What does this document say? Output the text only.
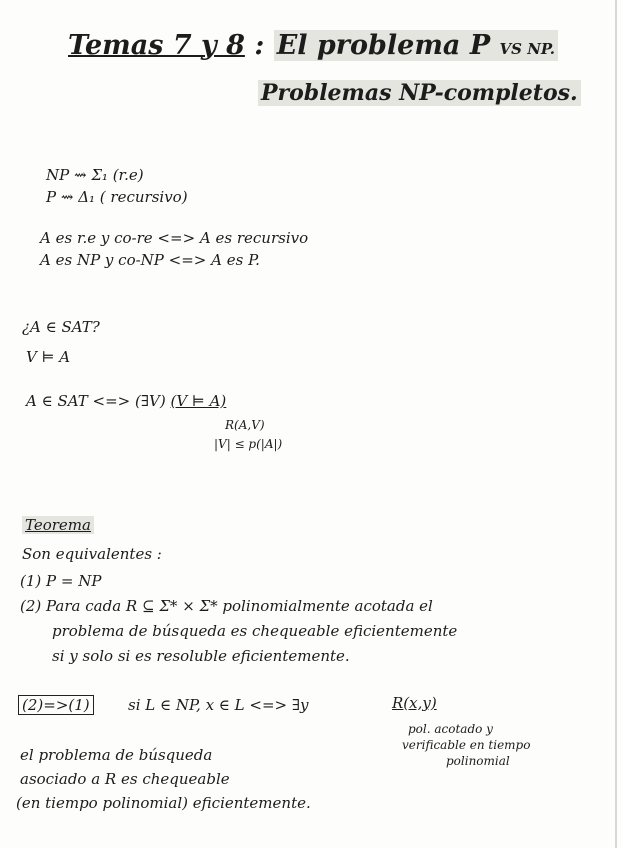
Temas 7 y 8 : El problema P VS NP.
Problemas NP-completos.
NP ⇝ Σ₁ (r.e)
P ⇝ Δ₁ ( recursivo)
A es r.e y co-re <=> A es recursivo
A es NP y co-NP <=> A es P.
¿A ∈ SAT?
V ⊨ A
A ∈ SAT <=> (∃V) (V ⊨ A)
R(A,V)
|V| ≤ p(|A|)
Teorema
Son equivalentes :
(1) P = NP
(2) Para cada R ⊆ Σ* × Σ* polinomialmente acotada el
problema de búsqueda es chequeable eficientemente
si y solo si es resoluble eficientemente.
(2)=>(1)	si L ∈ NP, x ∈ L <=> ∃y	R(x,y)
pol. acotado y
verificable en tiempo
polinomial
el problema de búsqueda
asociado a R es chequeable
(en tiempo polinomial) eficientemente.
